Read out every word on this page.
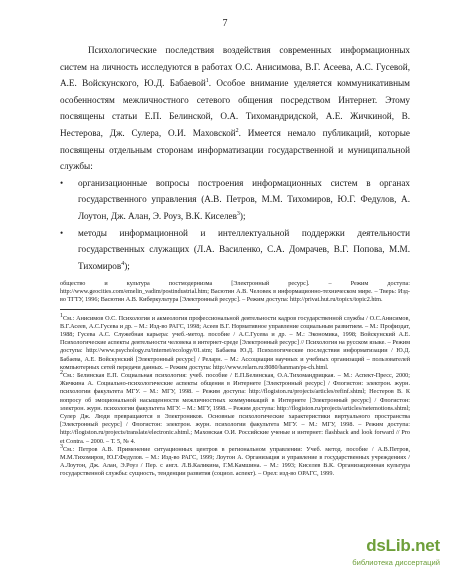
7

Психологические последствия воздействия современных информационных систем на личность исследуются в работах О.С. Анисимова, В.Г. Асеева, А.С. Гусевой, А.Е. Войскунского, Ю.Д. Бабаевой$^1$. Особое внимание уделяется коммуникативным особенностям межличностного сетевого общения посредством Интернет. Этому посвящены статьи Е.П. Белинской, О.А. Тихомандридской, А.Е. Жичкиной, В. Нестерова, Дж. Сулера, О.И. Маховской$^2$. Имеется немало публикаций, которые посвящены отдельным сторонам информатизации государственной и муниципальной службы:

• организационные вопросы построения информационных систем в органах государственного управления (А.В. Петров, М.М. Тихомиров, Ю.Г. Федулов, А. Лоутон, Дж. Алан, Э. Роуз, В.К. Киселев$^3$);
• методы информационной и интеллектуальной поддержки деятельности государственных служащих (Л.А. Василенко, С.А. Домрачев, В.Г. Попова, М.М. Тихомиров$^4$);

общество и культура постмодернизма [Электронный ресурс]. – Режим доступа: http://www.geocities.com/emelin_vadim/postindustrial.htm; Васютин А.В. Человек в информационно-техническом мире. – Тверь: Изд-во ТГТУ, 1996; Васютин А.В. Киберкультура [Электронный ресурс]. – Режим доступа: http://privat.hut.ru/topicx/topic2.htm.

$^1$См.: Анисимов О.С. Психология и акмеология профессиональной деятельности кадров государственной службы / О.С.Анисимов, В.Г.Асеев, А.С.Гусева и др. – М.: Изд-во РАГС, 1998; Асеев В.Г. Нормативное управление социальным развитием. – М.: Профиздат, 1988; Гусева А.С. Служебная карьера: учеб.-метод. пособие / А.С.Гусева и др. – М.: Экономика, 1998; Войскунский А.Е. Психологические аспекты деятельности человека в интернет-среде [Электронный ресурс] // Психология на русском языке. – Режим доступа: http://www.psychology.ru/internet/ecology/01.stm; Бабаева Ю.Д. Психологические последствия информатизации / Ю.Д. Бабаева, А.Е. Войскунский [Электронный ресурс] / Реларн. – М.: Ассоциация научных и учебных организаций – пользователей компьютерных сетей передачи данных. – Режим доступа: http://www.relarn.ru:8080/hanman/ps-ch.html.

$^2$См.: Белинская Е.П. Социальная психология: учеб. пособие / Е.П.Белинская, О.А.Тихомандрицкая. – М.: Аспект-Пресс, 2000; Жичкина А. Социально-психологические аспекты общения в Интернете [Электронный ресурс] / Флогистон: электрон. журн. психологии факультета МГУ. – М.: МГУ, 1998. – Режим доступа: http://flogiston.ru/projects/articles/refinf.shtml; Нестеров В. К вопросу об эмоциональной насыщенности межличностных коммуникаций в Интернете [Электронный ресурс] / Флогистон: электрон. журн. психологии факультета МГУ. – М.: МГУ, 1998. – Режим доступа: http://flogiston.ru/projects/articles/netemotions.shtml; Сулер Дж. Люди превращаются в Электроников. Основные психологические характеристики виртуального пространства [Электронный ресурс] / Флогистон: электрон. журн. психологии факультета МГУ. – М.: МГУ, 1998. – Режим доступа: http://flogiston.ru/projects/translate/electronic.shtml.; Маховская О.И. Российские ученые и интернет: flashback and look forward // Pro et Contra. – 2000. – Т. 5, № 4.

$^3$См.: Петров А.В. Применение ситуационных центров в региональном управлении: Учеб. метод. пособие / А.В.Петров, М.М.Тихомиров, Ю.Г.Федулов. – М.: Изд-во РАГС, 1999; Лоутон А. Организация и управление в государственных учреждениях / А.Лоутон, Дж. Алан, Э.Роуз / Пер. с англ. Л.В.Каликина, Г.М.Камшина. – М.: 1993; Киселев В.К. Организационная культура государственной службы: сущность, тенденции развития (социол. аспект). – Орел: изд-во ОРАГС, 1999.

dsLib.net
библиотека диссертаций
